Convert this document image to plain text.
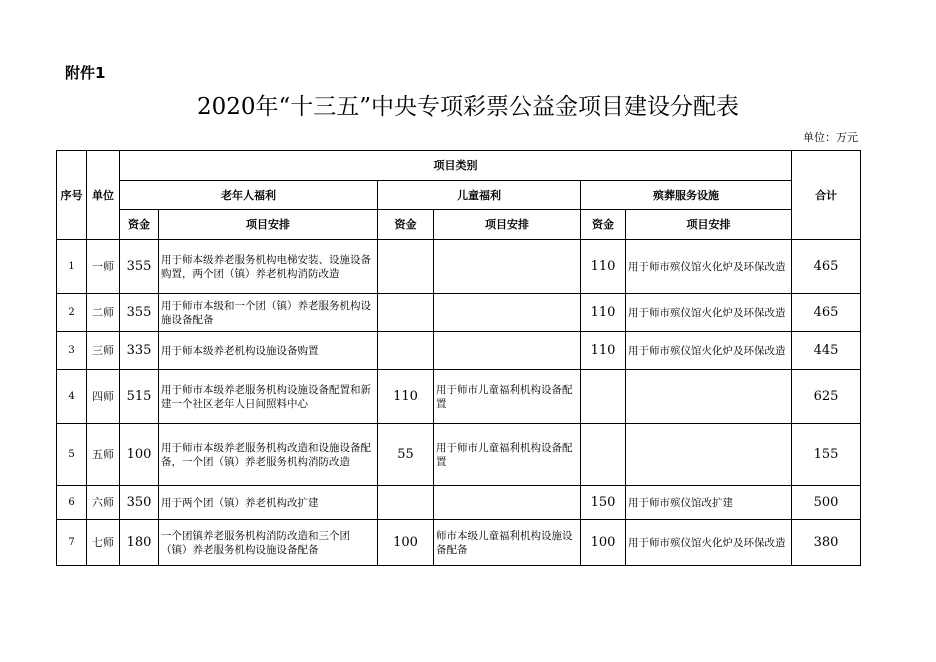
附件1
2020年“十三五”中央专项彩票公益金项目建设分配表
单位：万元
序号	单位	项目类别						合计
		老年人福利		儿童福利		殡葬服务设施		
		资金	项目安排	资金	项目安排	资金	项目安排	
1	一师	355	用于师本级养老服务机构电梯安装、设施设备购置，两个团（镇）养老机构消防改造			110	用于师市殡仪馆火化炉及环保改造	465
2	二师	355	用于师市本级和一个团（镇）养老服务机构设施设备配备			110	用于师市殡仪馆火化炉及环保改造	465
3	三师	335	用于师本级养老机构设施设备购置			110	用于师市殡仪馆火化炉及环保改造	445
4	四师	515	用于师市本级养老服务机构设施设备配置和新建一个社区老年人日间照料中心	110	用于师市儿童福利机构设备配置			625
5	五师	100	用于师市本级养老服务机构改造和设施设备配备，一个团（镇）养老服务机构消防改造	55	用于师市儿童福利机构设备配置			155
6	六师	350	用于两个团（镇）养老机构改扩建			150	用于师市殡仪馆改扩建	500
7	七师	180	一个团镇养老服务机构消防改造和三个团（镇）养老服务机构设施设备配备	100	师市本级儿童福利机构设施设备配备	100	用于师市殡仪馆火化炉及环保改造	380
